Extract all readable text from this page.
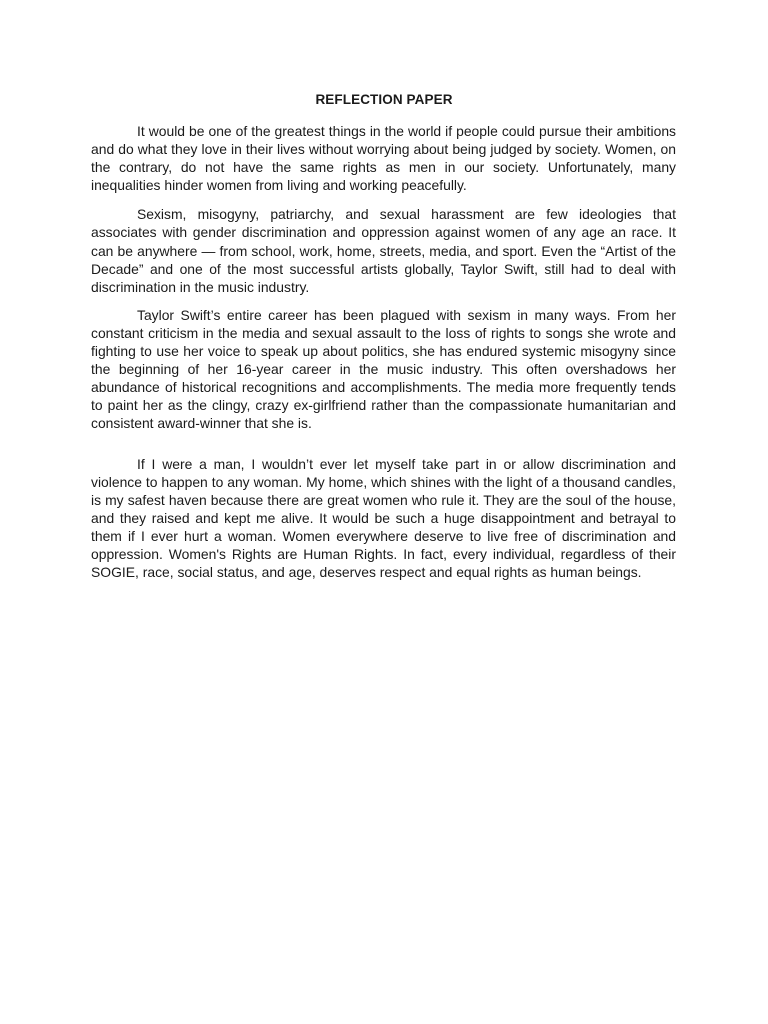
REFLECTION PAPER

It would be one of the greatest things in the world if people could pursue their ambitions and do what they love in their lives without worrying about being judged by society. Women, on the contrary, do not have the same rights as men in our society. Unfortunately, many inequalities hinder women from living and working peacefully.

Sexism, misogyny, patriarchy, and sexual harassment are few ideologies that associates with gender discrimination and oppression against women of any age an race. It can be anywhere — from school, work, home, streets, media, and sport. Even the “Artist of the Decade” and one of the most successful artists globally, Taylor Swift, still had to deal with discrimination in the music industry.

Taylor Swift’s entire career has been plagued with sexism in many ways. From her constant criticism in the media and sexual assault to the loss of rights to songs she wrote and fighting to use her voice to speak up about politics, she has endured systemic misogyny since the beginning of her 16-year career in the music industry. This often overshadows her abundance of historical recognitions and accomplishments. The media more frequently tends to paint her as the clingy, crazy ex-girlfriend rather than the compassionate humanitarian and consistent award-winner that she is.

If I were a man, I wouldn’t ever let myself take part in or allow discrimination and violence to happen to any woman. My home, which shines with the light of a thousand candles, is my safest haven because there are great women who rule it. They are the soul of the house, and they raised and kept me alive. It would be such a huge disappointment and betrayal to them if I ever hurt a woman. Women everywhere deserve to live free of discrimination and oppression. Women's Rights are Human Rights. In fact, every individual, regardless of their SOGIE, race, social status, and age, deserves respect and equal rights as human beings.
